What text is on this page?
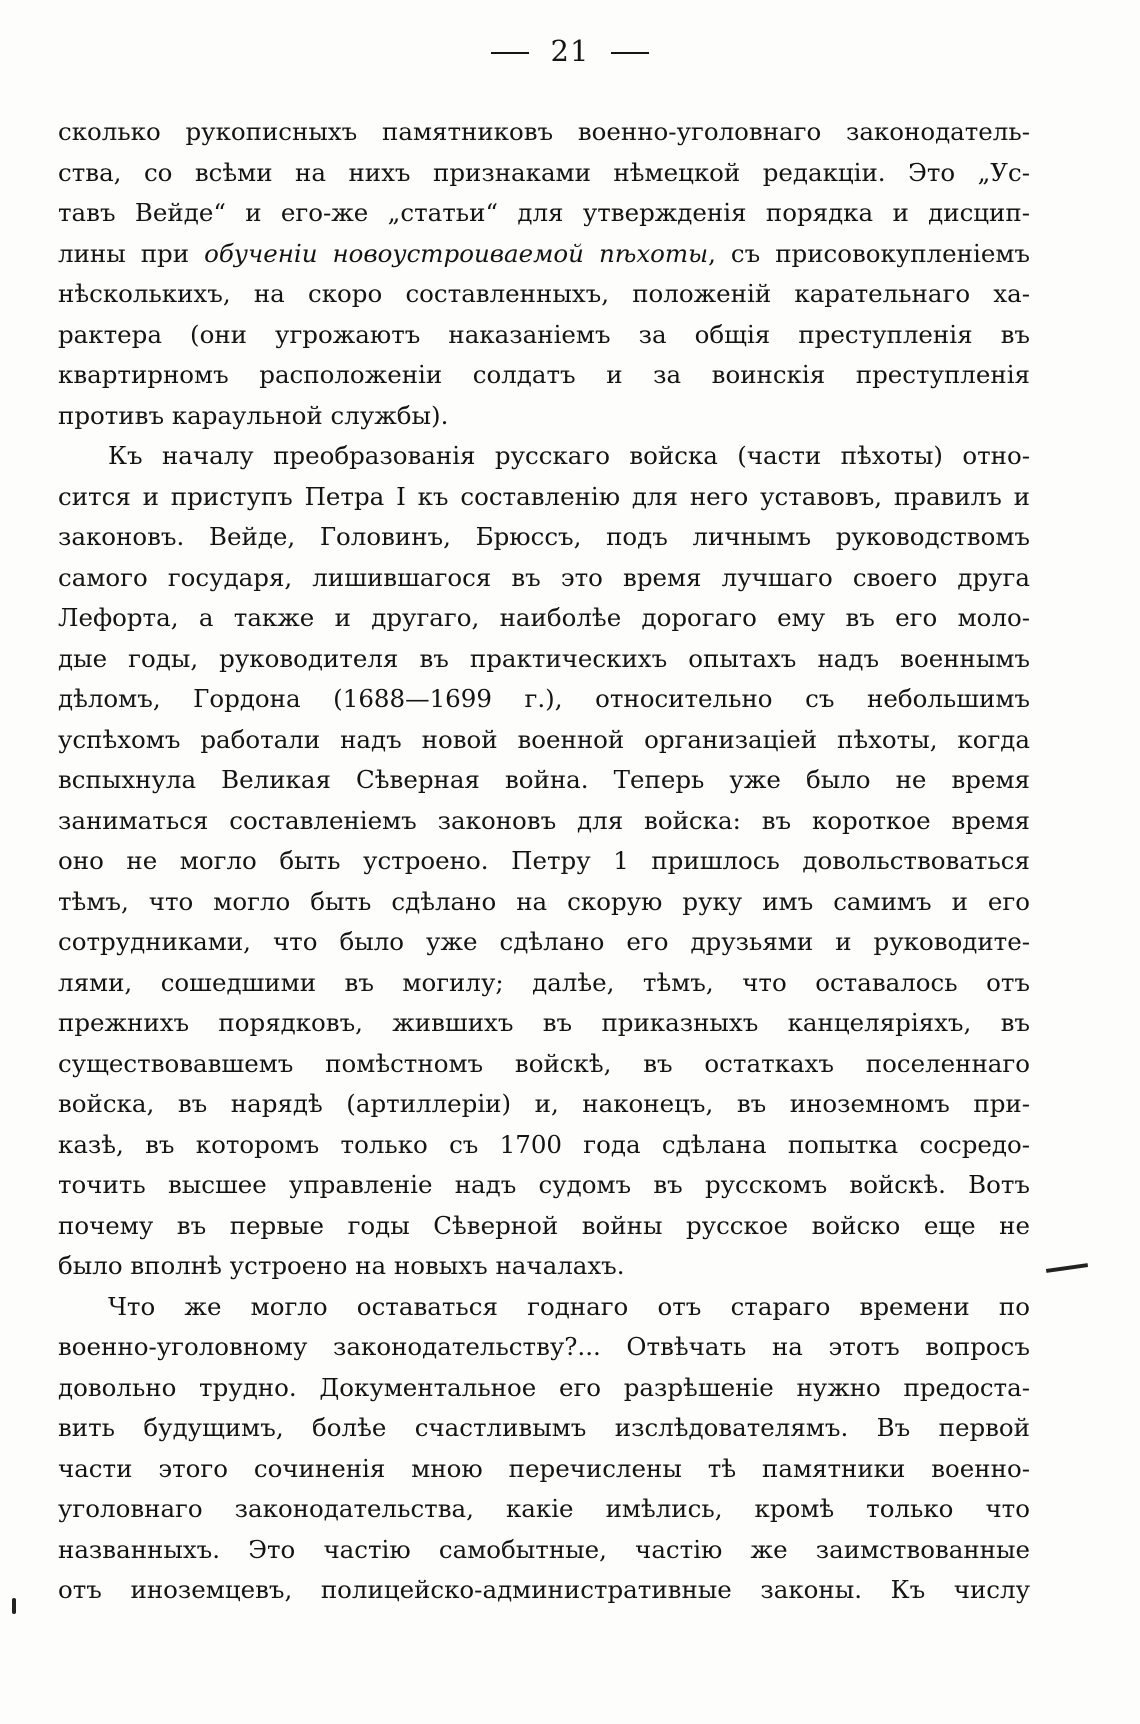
21
сколько рукописныхъ памятниковъ военно-уголовнаго законодатель-
ства, со всѣми на нихъ признаками нѣмецкой редакціи. Это „Ус-
тавъ Вейде“ и его-же „статьи“ для утвержденія порядка и дисцип-
лины при обученіи новоустроиваемой пѣхоты, съ присовокупленіемъ
нѣсколькихъ, на скоро составленныхъ, положеній карательнаго ха-
рактера (они угрожаютъ наказаніемъ за общія преступленія въ
квартирномъ расположеніи солдатъ и за воинскія преступленія
противъ караульной службы).
Къ началу преобразованія русскаго войска (части пѣхоты) отно-
сится и приступъ Петра I къ составленію для него уставовъ, правилъ и
законовъ. Вейде, Головинъ, Брюссъ, подъ личнымъ руководствомъ
самого государя, лишившагося въ это время лучшаго своего друга
Лефорта, а также и другаго, наиболѣе дорогаго ему въ его моло-
дые годы, руководителя въ практическихъ опытахъ надъ военнымъ
дѣломъ, Гордона (1688—1699 г.), относительно съ небольшимъ
успѣхомъ работали надъ новой военной организаціей пѣхоты, когда
вспыхнула Великая Сѣверная война. Теперь уже было не время
заниматься составленіемъ законовъ для войска: въ короткое время
оно не могло быть устроено. Петру 1 пришлось довольствоваться
тѣмъ, что могло быть сдѣлано на скорую руку имъ самимъ и его
сотрудниками, что было уже сдѣлано его друзьями и руководите-
лями, сошедшими въ могилу; далѣе, тѣмъ, что оставалось отъ
прежнихъ порядковъ, жившихъ въ приказныхъ канцеляріяхъ, въ
существовавшемъ помѣстномъ войскѣ, въ остаткахъ поселеннаго
войска, въ нарядѣ (артиллеріи) и, наконецъ, въ иноземномъ при-
казѣ, въ которомъ только съ 1700 года сдѣлана попытка сосредо-
точить высшее управленіе надъ судомъ въ русскомъ войскѣ. Вотъ
почему въ первые годы Сѣверной войны русское войско еще не
было вполнѣ устроено на новыхъ началахъ.
Что же могло оставаться годнаго отъ стараго времени по
военно-уголовному законодательству?... Отвѣчать на этотъ вопросъ
довольно трудно. Документальное его разрѣшеніе нужно предоста-
вить будущимъ, болѣе счастливымъ изслѣдователямъ. Въ первой
части этого сочиненія мною перечислены тѣ памятники военно-
уголовнаго законодательства, какіе имѣлись, кромѣ только что
названныхъ. Это частію самобытные, частію же заимствованные
отъ иноземцевъ, полицейско-административные законы. Къ числу
